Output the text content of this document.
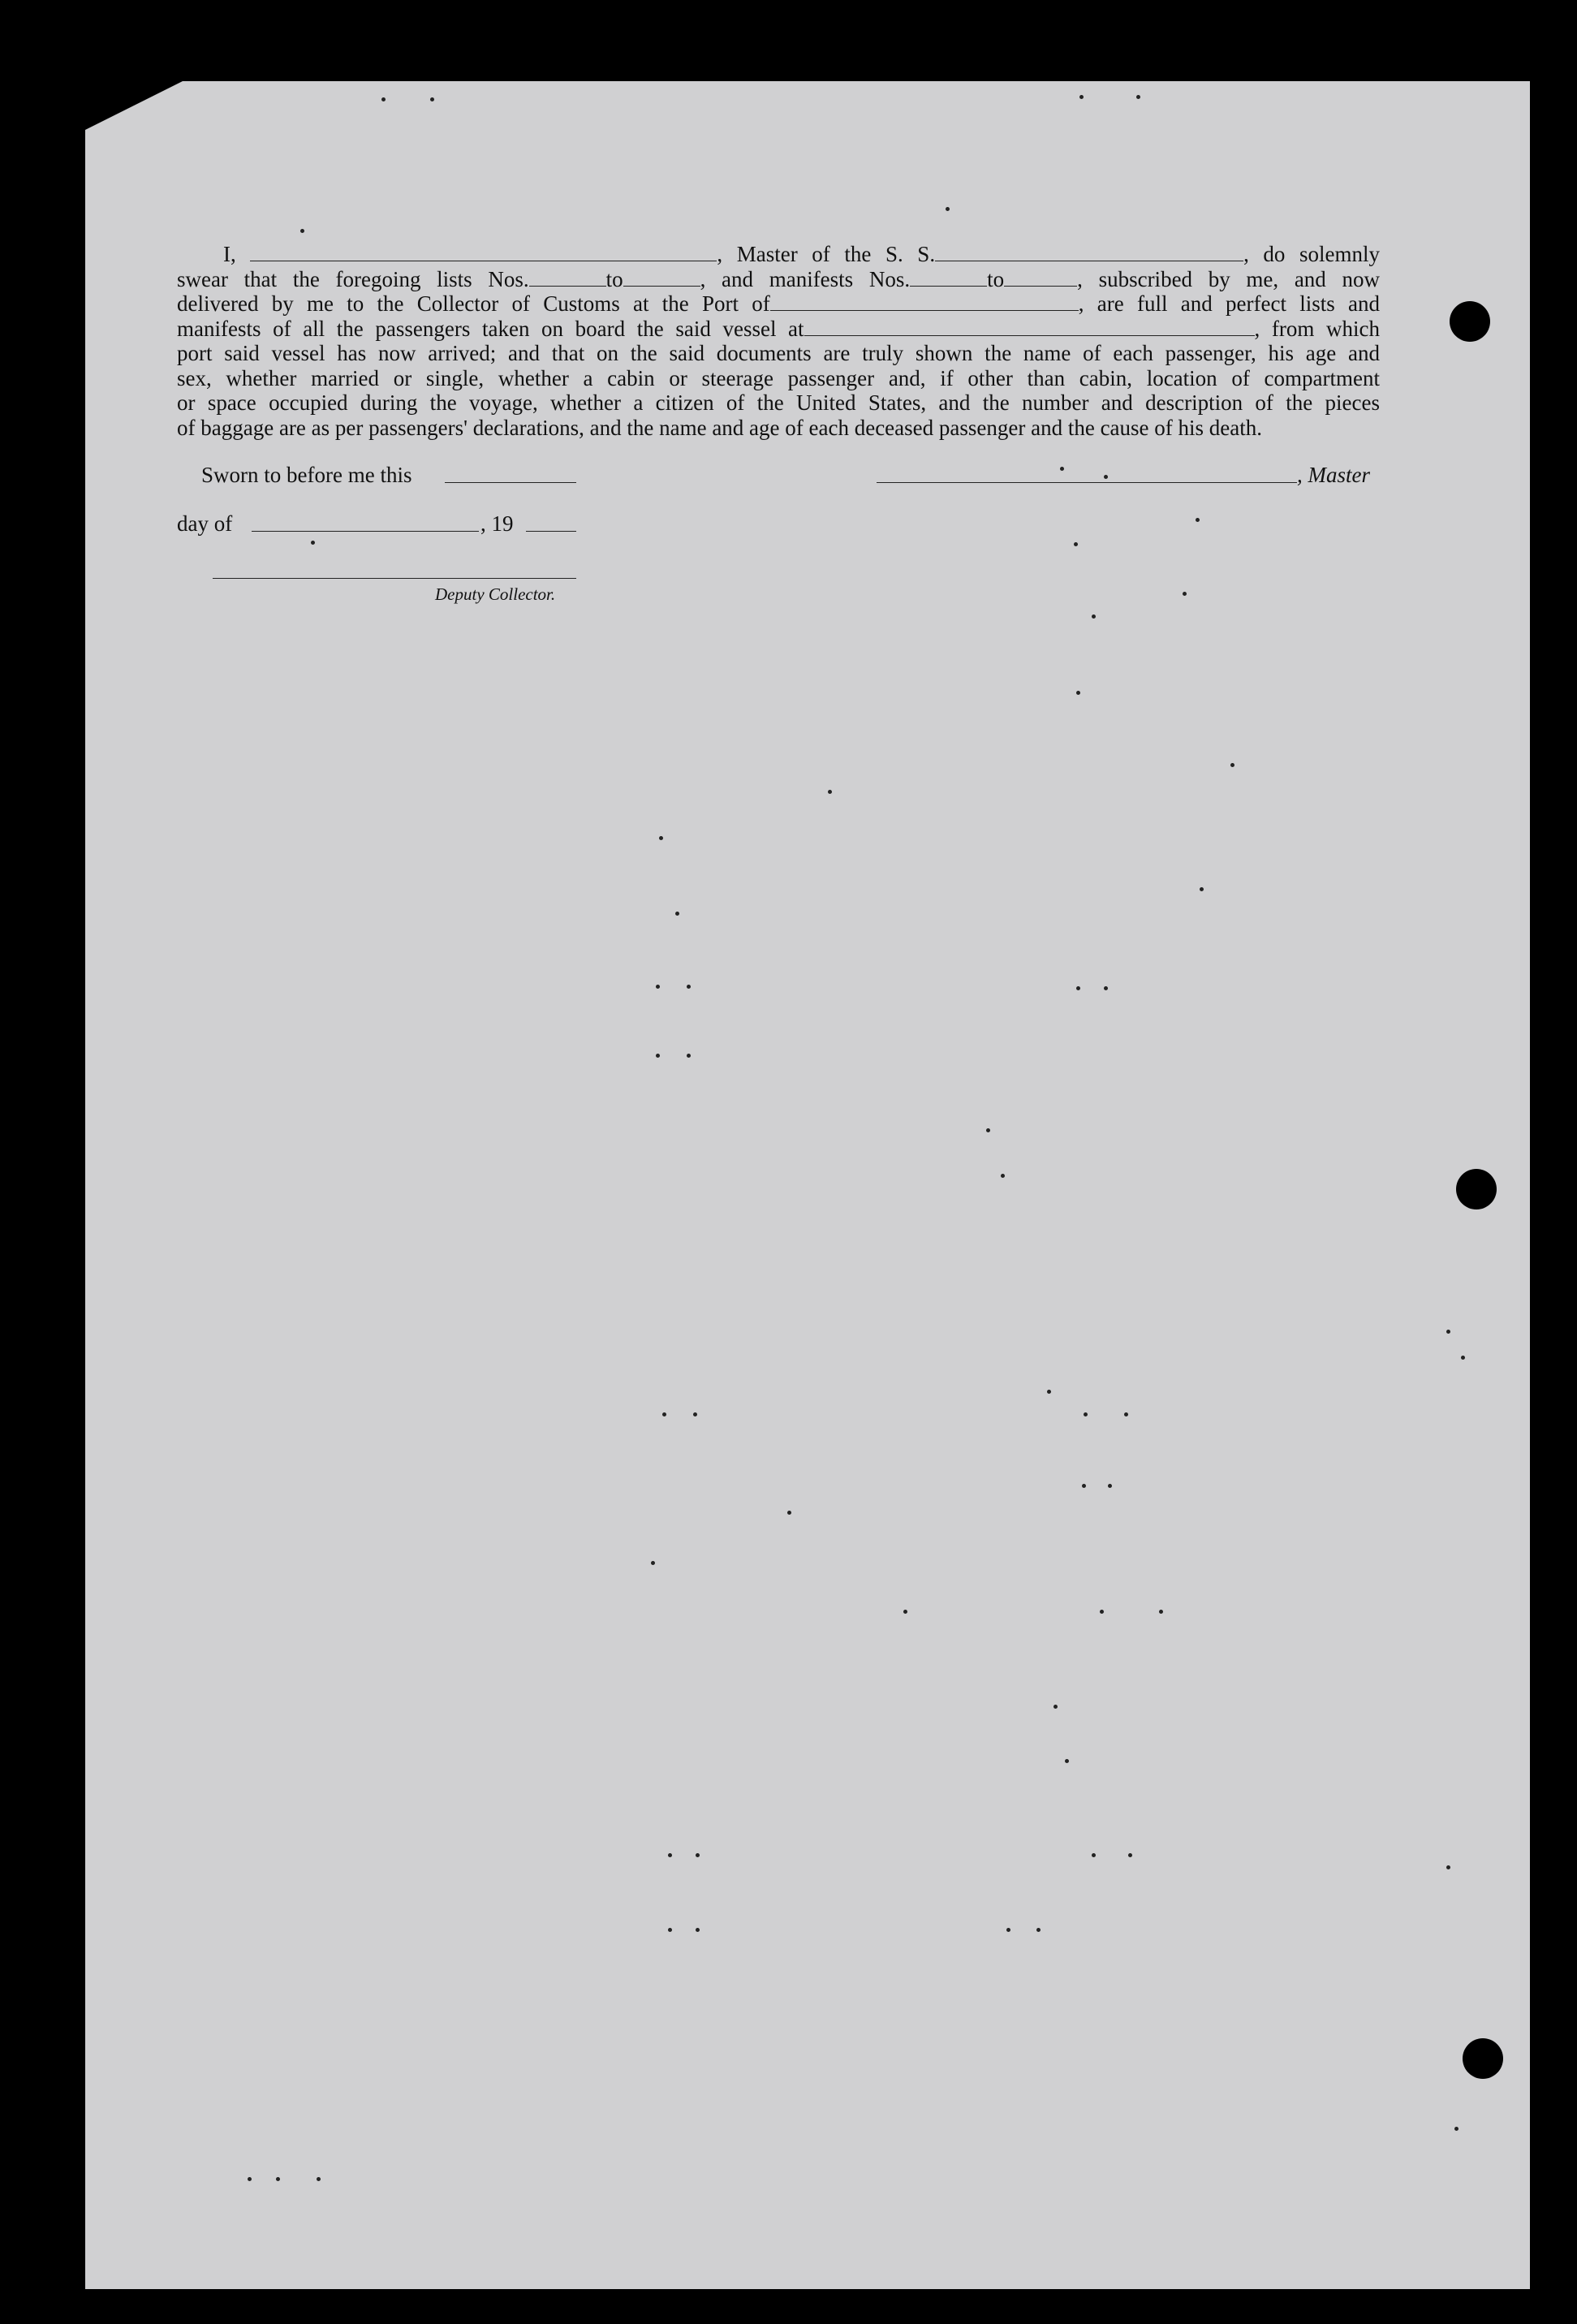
I,	, Master of the S. S.	, do solemnly
swear that the foregoing lists Nos.	to	, and manifests Nos.	to	, subscribed by me, and now
delivered by me to the Collector of Customs at the Port of	, are full and perfect lists and
manifests of all the passengers taken on board the said vessel at	, from which
port said vessel has now arrived; and that on the said documents are truly shown the name of each passenger, his age and
sex, whether married or single, whether a cabin or steerage passenger and, if other than cabin, location of compartment
or space occupied during the voyage, whether a citizen of the United States, and the number and description of the pieces
of baggage are as per passengers' declarations, and the name and age of each deceased passenger and the cause of his death.
Sworn to before me this
day of	, 19
Deputy Collector.
, Master
